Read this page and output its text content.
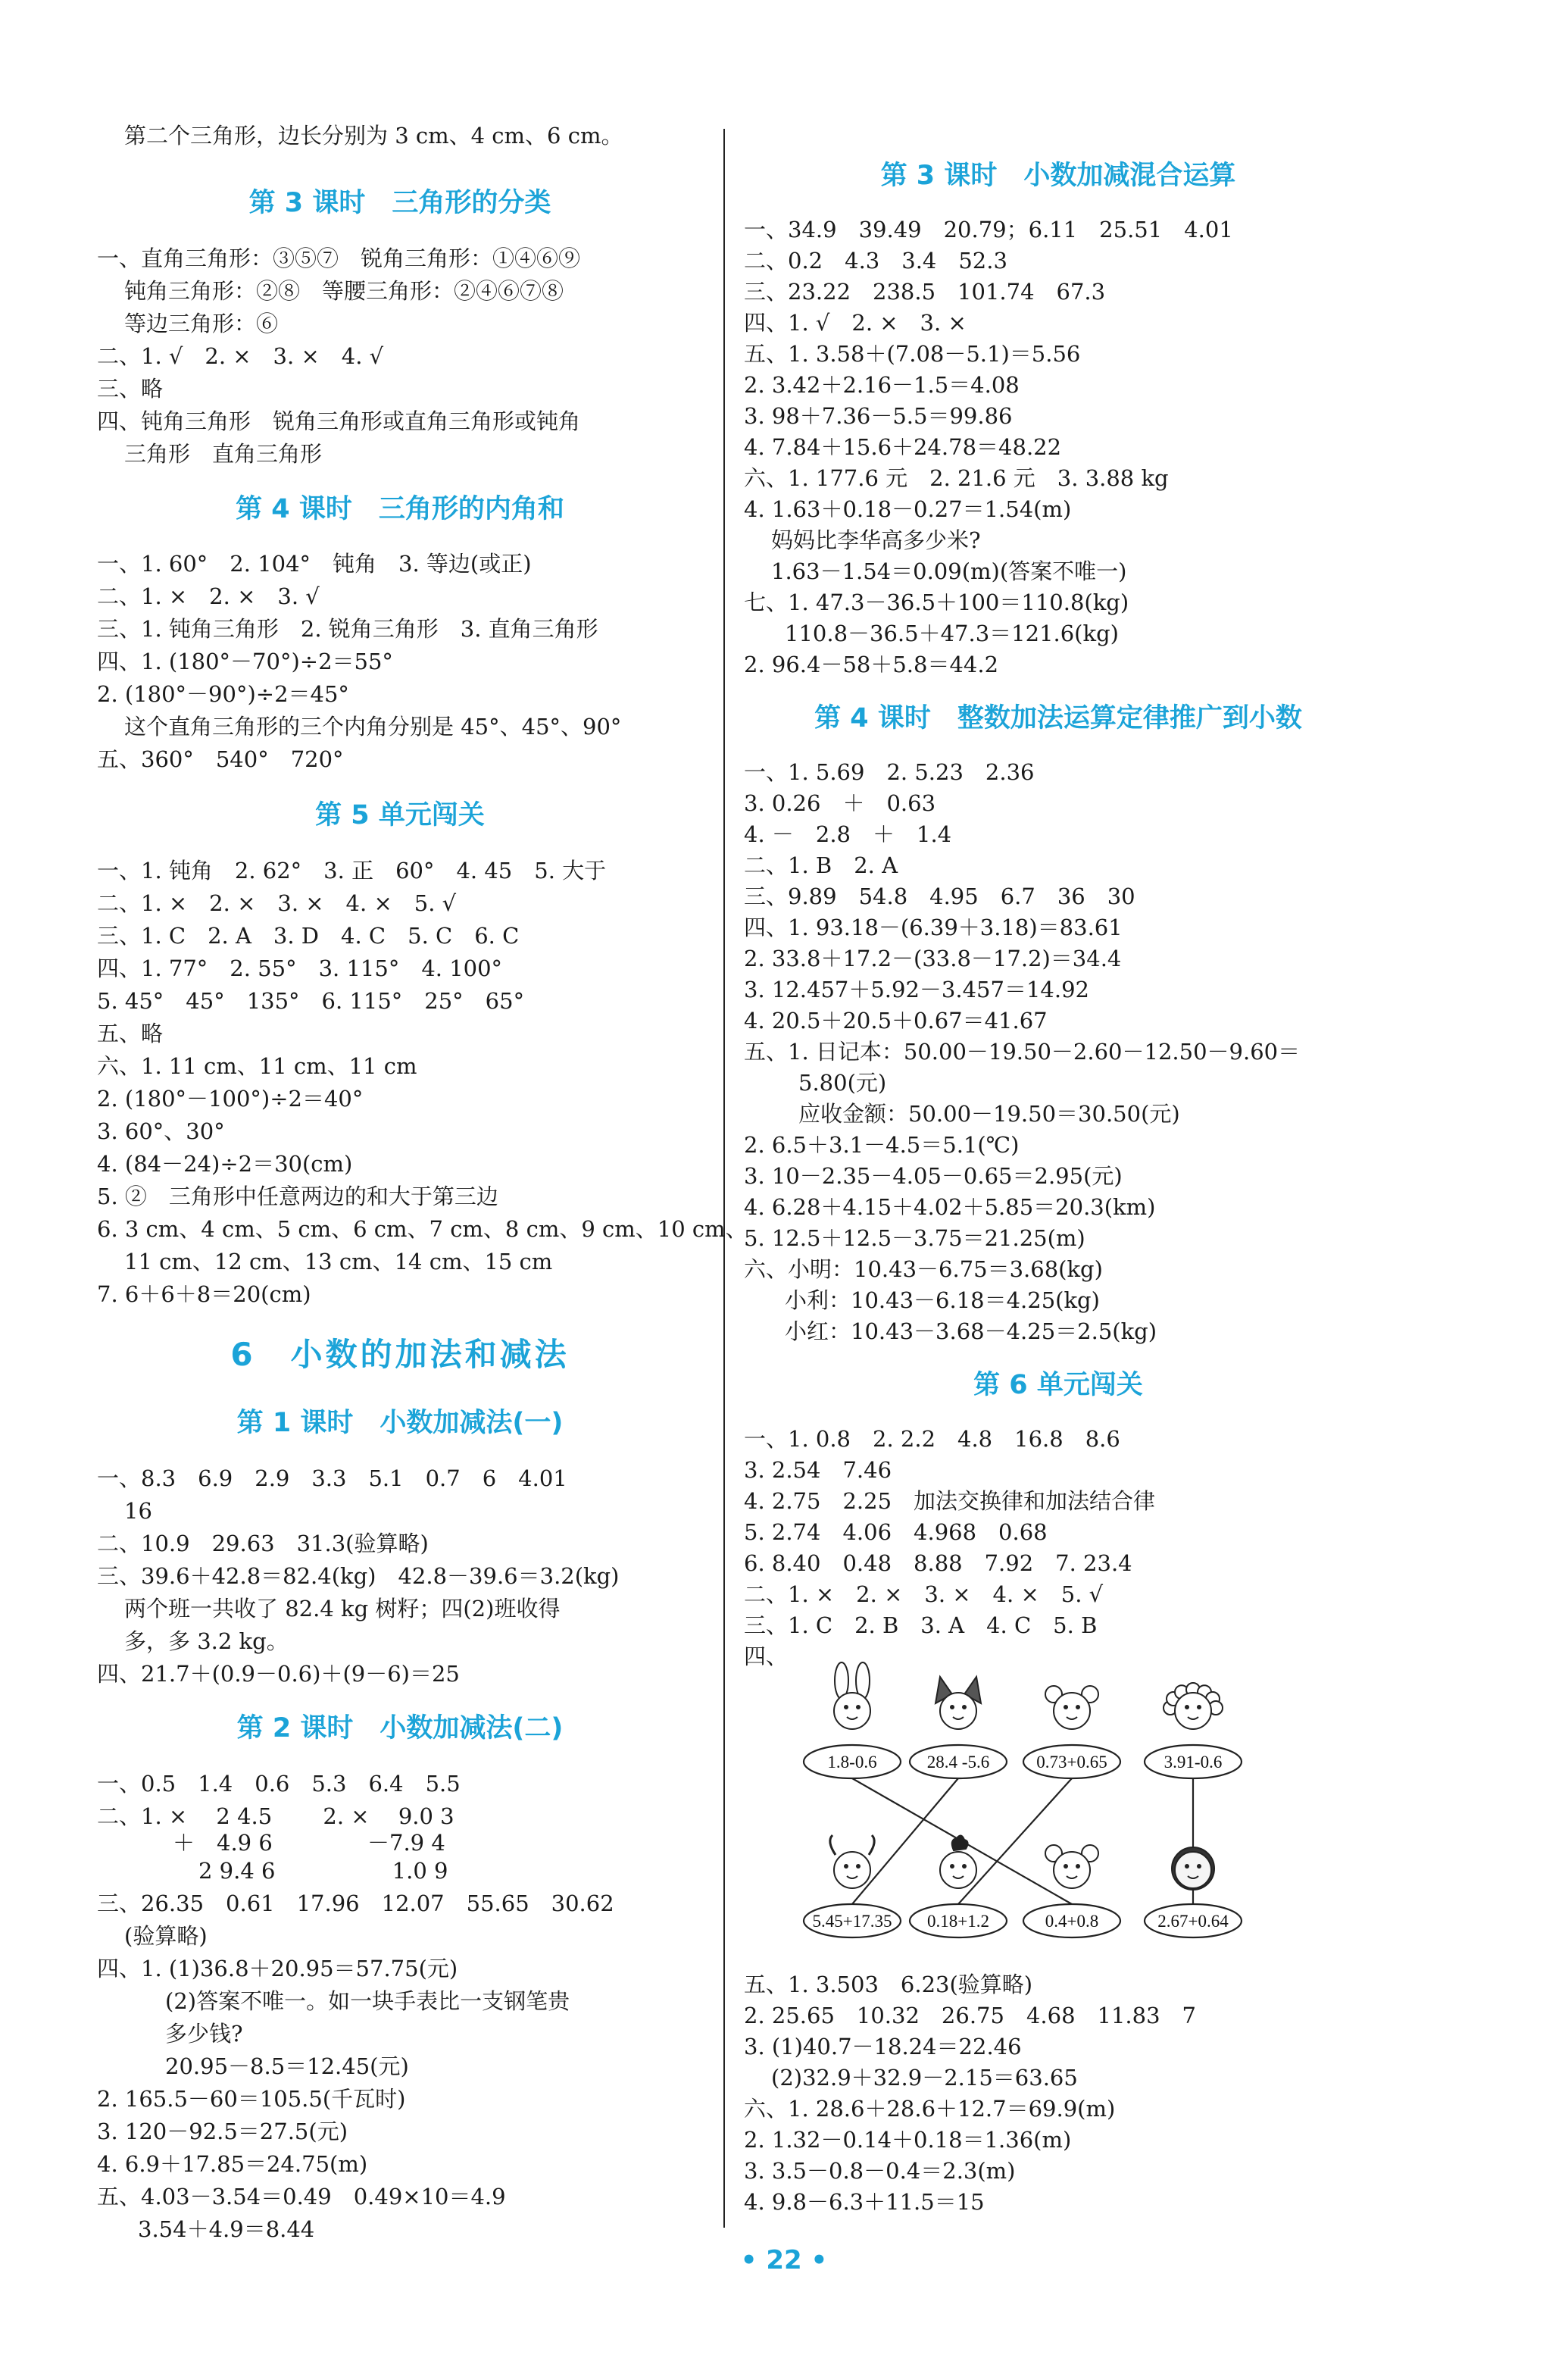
第二个三角形，边长分别为 3 cm、4 cm、6 cm。
第 3 课时　三角形的分类
一、直角三角形：③⑤⑦　锐角三角形：①④⑥⑨
钝角三角形：②⑧　等腰三角形：②④⑥⑦⑧
等边三角形：⑥
二、1. √　2. ×　3. ×　4. √
三、略
四、钝角三角形　锐角三角形或直角三角形或钝角
三角形　直角三角形
第 4 课时　三角形的内角和
一、1. 60°　2. 104°　钝角　3. 等边(或正)
二、1. ×　2. ×　3. √
三、1. 钝角三角形　2. 锐角三角形　3. 直角三角形
四、1. (180°－70°)÷2＝55°
2. (180°－90°)÷2＝45°
这个直角三角形的三个内角分别是 45°、45°、90°
五、360°　540°　720°
第 5 单元闯关
一、1. 钝角　2. 62°　3. 正　60°　4. 45　5. 大于
二、1. ×　2. ×　3. ×　4. ×　5. √
三、1. C　2. A　3. D　4. C　5. C　6. C
四、1. 77°　2. 55°　3. 115°　4. 100°
5. 45°　45°　135°　6. 115°　25°　65°
五、略
六、1. 11 cm、11 cm、11 cm
2. (180°－100°)÷2＝40°
3. 60°、30°
4. (84－24)÷2＝30(cm)
5. ②　三角形中任意两边的和大于第三边
6. 3 cm、4 cm、5 cm、6 cm、7 cm、8 cm、9 cm、10 cm、
11 cm、12 cm、13 cm、14 cm、15 cm
7. 6＋6＋8＝20(cm)
6　小数的加法和减法
第 1 课时　小数加减法(一)
一、8.3　6.9　2.9　3.3　5.1　0.7　6　4.01
16
二、10.9　29.63　31.3(验算略)
三、39.6＋42.8＝82.4(kg)　42.8－39.6＝3.2(kg)
两个班一共收了 82.4 kg 树籽；四(2)班收得
多，多 3.2 kg。
四、21.7＋(0.9－0.6)＋(9－6)＝25
第 2 课时　小数加减法(二)
一、0.5　1.4　0.6　5.3　6.4　5.5
二、1. ×　 2 4.5　　 2. ×　 9.0 3
＋　4.9 6　　　　 －7.9 4
2 9.4 6　　　　　 1.0 9
三、26.35　0.61　17.96　12.07　55.65　30.62
(验算略)
四、1. (1)36.8＋20.95＝57.75(元)
(2)答案不唯一。如一块手表比一支钢笔贵
多少钱?
20.95－8.5＝12.45(元)
2. 165.5－60＝105.5(千瓦时)
3. 120－92.5＝27.5(元)
4. 6.9＋17.85＝24.75(m)
五、4.03－3.54＝0.49　0.49×10＝4.9
3.54＋4.9＝8.44
第 3 课时　小数加减混合运算
一、34.9　39.49　20.79；6.11　25.51　4.01
二、0.2　4.3　3.4　52.3
三、23.22　238.5　101.74　67.3
四、1. √　2. ×　3. ×
五、1. 3.58＋(7.08－5.1)＝5.56
2. 3.42＋2.16－1.5＝4.08
3. 98＋7.36－5.5＝99.86
4. 7.84＋15.6＋24.78＝48.22
六、1. 177.6 元　2. 21.6 元　3. 3.88 kg
4. 1.63＋0.18－0.27＝1.54(m)
妈妈比李华高多少米?
1.63－1.54＝0.09(m)(答案不唯一)
七、1. 47.3－36.5＋100＝110.8(kg)
110.8－36.5＋47.3＝121.6(kg)
2. 96.4－58＋5.8＝44.2
第 4 课时　整数加法运算定律推广到小数
一、1. 5.69　2. 5.23　2.36
3. 0.26　＋　0.63
4. －　2.8　＋　1.4
二、1. B　2. A
三、9.89　54.8　4.95　6.7　36　30
四、1. 93.18－(6.39＋3.18)＝83.61
2. 33.8＋17.2－(33.8－17.2)＝34.4
3. 12.457＋5.92－3.457＝14.92
4. 20.5＋20.5＋0.67＝41.67
五、1. 日记本：50.00－19.50－2.60－12.50－9.60＝
5.80(元)
应收金额：50.00－19.50＝30.50(元)
2. 6.5＋3.1－4.5＝5.1(℃)
3. 10－2.35－4.05－0.65＝2.95(元)
4. 6.28＋4.15＋4.02＋5.85＝20.3(km)
5. 12.5＋12.5－3.75＝21.25(m)
六、小明：10.43－6.75＝3.68(kg)
小利：10.43－6.18＝4.25(kg)
小红：10.43－3.68－4.25＝2.5(kg)
第 6 单元闯关
一、1. 0.8　2. 2.2　4.8　16.8　8.6
3. 2.54　7.46
4. 2.75　2.25　加法交换律和加法结合律
5. 2.74　4.06　4.968　0.68
6. 8.40　0.48　8.88　7.92　7. 23.4
二、1. ×　2. ×　3. ×　4. ×　5. √
三、1. C　2. B　3. A　4. C　5. B
四、
五、1. 3.503　6.23(验算略)
2. 25.65　10.32　26.75　4.68　11.83　7
3. (1)40.7－18.24＝22.46
(2)32.9＋32.9－2.15＝63.65
六、1. 28.6＋28.6＋12.7＝69.9(m)
2. 1.32－0.14＋0.18＝1.36(m)
3. 3.5－0.8－0.4＝2.3(m)
4. 9.8－6.3＋11.5＝15
1.8-0.6	28.4 -5.6	0.73+0.65	3.91-0.6
5.45+17.35 0.18+1.2	0.4+0.8	2.67+0.64
• 22 •
